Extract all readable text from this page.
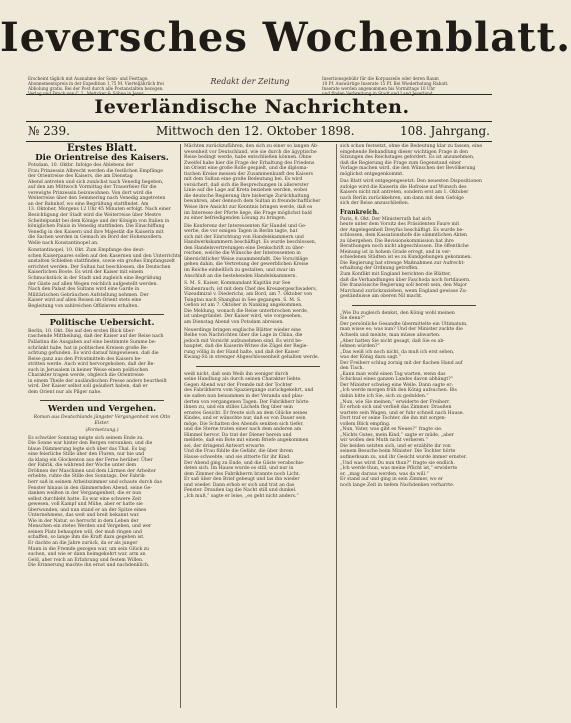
Ieversches Wochenblatt.
Erscheint täglich mit Ausnahme der Sonn- und Festtage.
Abonnementspreis in der Expedition 1,75 M. Vierteljährlich frei
Abholung gratis. Bei der Post durch alle Postanstalten bezogen.
Verlag und Druck von C. L. Mettcker & Söhne in Jever.
Redakt der Zeitung	Insertionsgebühr für die Korpuszeile oder deren Raum
10 Pf. Auswärtige Inserate 15 Pf. Bei Wiederholung Rabatt.
Inserate werden angenommen bis Vormittags 10 Uhr
und finden Verbreitung in Stadt und Land Jeverland.
Ieverländische Nachrichten.
№ 239.	Mittwoch den 12. Oktober 1898.	108. Jahrgang.
Erstes Blatt.
Die Orientreise des Kaisers.
Potsdam, 10. Oktbr. Infolge des Ablebens der
Frau Prinzessin Albrecht werden die festlichen Empfänge
der Orientreise des Kaisers, die am Dienstag
Abend antreten und sich zunächst nach Venedig begeben,
auf den am Mittwoch Vormittag der Trauerfeier für die
verewigte Prinzessin beizuwohnen. Von dort wird die
Weiterreise über den Semmering nach Venedig angetreten
an der Bahnhof, wo eine Begrüßung stattfindet. Am
13. Oktober, Morgens 12 Uhr 45 Minuten erfolgt. Nach einer
Besichtigung der Stadt wird die Weiterreise über Mestre
Scheitelpunkt bei dem Könige und der Königin von Italien in
königlichen Palais in Venedig stattfinden. Die Einschiffung
Venedig in den Kaisern und ihre Majestät die Kaiserin mit
die Sachen werden in Gemach im Bord der Hohenzollern.
Welle nach Konstantinopel an.
Konstantinopel, 10. Okt. Zum Empfange des deut-
schen Kaiserpaares sollen auf den Kasernen und den Unterrichts-
anstalten Schleßen stattfinden, sowie ein großes Empfangszelt
errichtet werden. Der Sultan hat beschlossen, die Deutschen
Kaiserlichen Boote. Es wird der Kaiser mit einem
Schmuckstück in der Stadt und zugleich eine Begrüßung
der Gäste auf allen Wegen reichlich aufgestellt werden.
Nach den Palast des Sultans wird eine Garde in
Militärischen Gebräuchen Aufstellung nehmen. Der
Kaiser wird auf allen Reisen im Orient stets eine
Begleitung von zahlreichen Offizieren erhalten.
Politische Uebersicht.
Berlin, 10. Okt. Die auf den ersten Blick über-
raschende Mittheilung, daß der Kaiser auf der Reise nach
Palästina die Ausgaben auf eine bestimmte Summe be-
schränkt habe, hat in politischen Kreisen große Be-
achtung gefunden. Es wird darauf hingewiesen, daß die
Reise ganz aus den Privatmitteln des Kaisers be-
stritten werde. Auch wird hervorgehoben, daß der Be-
such in Jerusalem in keiner Weise einen politischen
Charakter tragen werde, obgleich die Orientreise
in einem Theile der ausländischen Presse anders beurtheilt
wird. Der Kaiser selbst soll geäußert haben, daß er
dem Orient nur als Pilger nahe.
Werden und Vergehen.
Roman aus Deutschlands jüngster Vergangenheit von Otto Elster.
(Fortsetzung.)
Es schwüler Sonntag neigte sich seinem Ende zu.
Die Sonne war hinter den Bergen versunken, und die
blaue Dämmerung legte sich über das Thal. Es lag
eine feierliche Stille über den Fluren, nur hie und
da klang ein Glockenton aus der Ferne herüber. Über
der Fabrik, die während der Woche unter dem
Dröhnen der Maschinen und dem Lärmen der Arbeiter
erbebte, ruhte die Stille des Sonntags. Der Fabrik-
herr saß in seinem Arbeitszimmer und schaute durch das
Fenster hinaus in den dämmernden Abend, seine Ge-
danken weilten in der Vergangenheit, die er nun
selbst durchlebt hatte. Es war eine schwere Zeit
gewesen, voll Kampf und Mühe, aber er hatte sie
überwunden, und nun stand er an der Spitze eines
Unternehmens, das weit und breit bekannt war.
Wie in der Natur, so herrscht in dem Leben der
Menschen ein stetes Werden und Vergehen, und wer
seinen Platz behaupten will, der muß ringen und
schaffen, so lange ihm die Kraft dazu gegeben ist.
Er dachte an die Jahre zurück, da er als junger
Mann in die Fremde gezogen war, um sein Glück zu
suchen, und wie er dann heimgekehrt war, arm an
Geld, aber reich an Erfahrung und festem Willen.
Die Erinnerung machte ihn ernst und nachdenklich.
Mächten zurückzuführen, den sich zu einer so langen Ab-
wesenheit vor Deutschland, wie sie durch die ägyptische
Reise bedingt werde, habe entschließen können. Ohne
Zweifel habe hier die Frage der Erhaltung des Friedens
im Orient eine große Rolle gespielt, und die diploma-
tischen Kreise messen der Zusammenkunft des Kaisers
mit dem Sultan eine große Bedeutung bei. Es wird
versichert, daß sich die Besprechungen in allererster
Linie auf die Lage auf Kreta beziehen werden, wobei
die deutsche Regierung ihre bisherige Zurückhaltung
bewahren, aber dennoch dem Sultan in freundschaftlicher
Weise ihre Ansicht zur Kenntnis bringen werde, daß es
im Interesse der Pforte liege, die Frage möglichst bald
zu einer befriedigenden Lösung zu bringen.
Die Konferenz der Interessenten für Handel und Ge-
werbe, die vor einigen Tagen in Berlin tagte, hat
sich mit der Einrichtung von Handelskammern und
Handwerkskammern beschäftigt. Es wurde beschlossen,
den Handelsvertretungen eine Denkschrift zu über-
reichen, welche die Wünsche der Interessenten in
übersichtlicher Weise zusammenfaßt. Die Vorschläge
gehen dahin, die Vertretung der gewerblichen Kreise
im Reiche einheitlich zu gestalten, und zwar im
Anschluß an die bestehenden Handelskammern.
S. M. S. Kaiser, Kommandant Kapitän zur See
Stubenrauch, ist mit dem Chef des Kreuzergeschwaders,
Vizeadmiral v. Diederichs, am Bord, am 7. Oktober von
Tsingtau nach Shanghai in See gegangen. S. M. S.
Gefion ist am 7. Oktober in Nanking angekommen.
Die Meldung, wonach die Reise unterbrochen werde,
ist unbegründet. Der Kaiser wird, wie vorgesehen,
am Dienstag Abend von Potsdam abreisen.
Neuerdings bringen englische Blätter wieder eine
Reihe von Nachrichten über die Lage in China, die
jedoch mit Vorsicht aufzunehmen sind. Es wird be-
hauptet, daß die Kaiserin-Witwe die Zügel der Regie-
rung völlig in der Hand halte, und daß der Kaiser
Kwang-Sü in strenger Abgeschlossenheit gehalten werde.
weiß nicht, daß sein Weib ihn weniger durch
seine Handlung als durch seinen Charakter liebte.
Gegen Abend war der Fremde mit der Tochter
des Fabrikherrn vom Spaziergange zurückgekehrt, und
sie saßen nun beisammen in der Veranda und plau-
derten von vergangenen Tagen. Der Fabrikherr hörte
ihnen zu, und ein stilles Lächeln flog über sein
ernstes Gesicht. Er freute sich an dem Glücke seines
Kindes, und er wünschte nur, daß es von Dauer sein
möge. Die Schatten des Abends senkten sich tiefer,
und die Sterne traten einer nach dem anderen am
Himmel hervor. Da trat der Diener herein und
meldete, daß ein Bote mit einem Briefe angekommen
sei, der dringend Antwort erwarte.
Und die Frau fühlte die Gefahr, die über ihrem
Hause schwebte, und sie zitterte für ihr Kind.
Der Abend ging zu Ende, und die Gäste verabschie-
deten sich. Im Hause wurde es still, und nur in
dem Zimmer des Fabrikherrn brannte noch Licht.
Er saß über den Brief gebeugt und las ihn wieder
und wieder. Dann erhob er sich und trat an das
Fenster. Draußen lag die Nacht still und dunkel.
„Ich muß,“ sagte er leise, „es geht nicht anders.“
sich schon festsetzt, ohne die Bedeutung klar zu fassen, eine
eingehende Behandlung dieser wichtigen Frage in den
Sitzungen des Reichstages gefordert. Es ist anzunehmen,
daß die Regierung die Frage zum Gegenstand einer
Vorlage machen wird, die den Wünschen der Bevölkerung
möglichst entgegenkommt.
Das Blatt wird entgegengesetzt: Den neuesten Dispositionen
zufolge wird die Kaiserin die Hofreise auf Wunsch des
Kaisers nicht mit antreten, sondern erst am 1. Oktober
nach Berlin zurückkehren, um dann mit dem Gefolge
sich der Reise anzuschließen.
Frankreich.
Paris, 8. Okt. Der Ministerrath hat sich
heute unter dem Vorsitz des Präsidenten Faure mit
der Angelegenheit Dreyfus beschäftigt. Es wurde be-
schlossen, dem Kassationshofe die sämmtlichen Akten
zu übergeben. Die Revisionskommission hat ihre
Berathungen noch nicht abgeschlossen. Die öffentliche
Meinung ist in hohem Grade erregt, und in ver-
schiedenen Städten ist es zu Kundgebungen gekommen.
Die Regierung hat strenge Maßnahmen zur Aufrecht-
erhaltung der Ordnung getroffen.
Zum Konflikt mit England berichten die Blätter,
daß die Verhandlungen über Faschoda noch fortdauern.
Die französische Regierung soll bereit sein, den Major
Marchand zurückzuziehen, wenn England gewisse Zu-
geständnisse am oberen Nil macht.
„Wie Du zugleich denkst, den König wohl meinen
Sie denn?“
Der persönliche Gesandte übermittelte ein Ultimatum,
man wisse es; was nun? Und der Minister zuckte die
Achseln und meinte, man müsse abwarten.
„Aber hatten Sie nicht gesagt, daß Sie es ab-
lehnen würden?“
„Das weiß ich noch nicht, da muß ich erst sehen,
was der König dazu sagt.“
Der Freiherr schlug zornig mit der flachen Hand auf
den Tisch.
„Kann man wohl einen Tag warten, wenn das
Schicksal eines ganzen Landes davon abhängt?“
Der Minister schwieg eine Weile. Dann sagte er:
„Ich werde morgen früh den König aufsuchen. Bis
dahin bitte ich Sie, sich zu gedulden.“
„Nun, wie Sie meinen,“ erwiderte der Freiherr.
Er erhob sich und verließ das Zimmer. Draußen
wartete sein Wagen, und er fuhr schnell nach Hause.
Dort traf er seine Tochter, die ihn mit sorgen-
vollem Blick empfing.
„Nun, Vater, was gibt es Neues?“ fragte sie.
„Nichts Gutes, mein Kind,“ sagte er müde, „aber
wir wollen den Muth nicht verlieren.“
Die beiden setzten sich, und er erzählte ihr von
seinem Besuche beim Minister. Die Tochter hörte
aufmerksam zu, und ihr Gesicht wurde immer ernster.
„Und was wirst Du nun thun?“ fragte sie endlich.
„Ich werde thun, was meine Pflicht ist,“ erwiderte
er, „mag daraus werden, was da will.“
Er stand auf und ging in sein Zimmer, wo er
noch lange Zeit in tiefem Nachdenken verharrte.
